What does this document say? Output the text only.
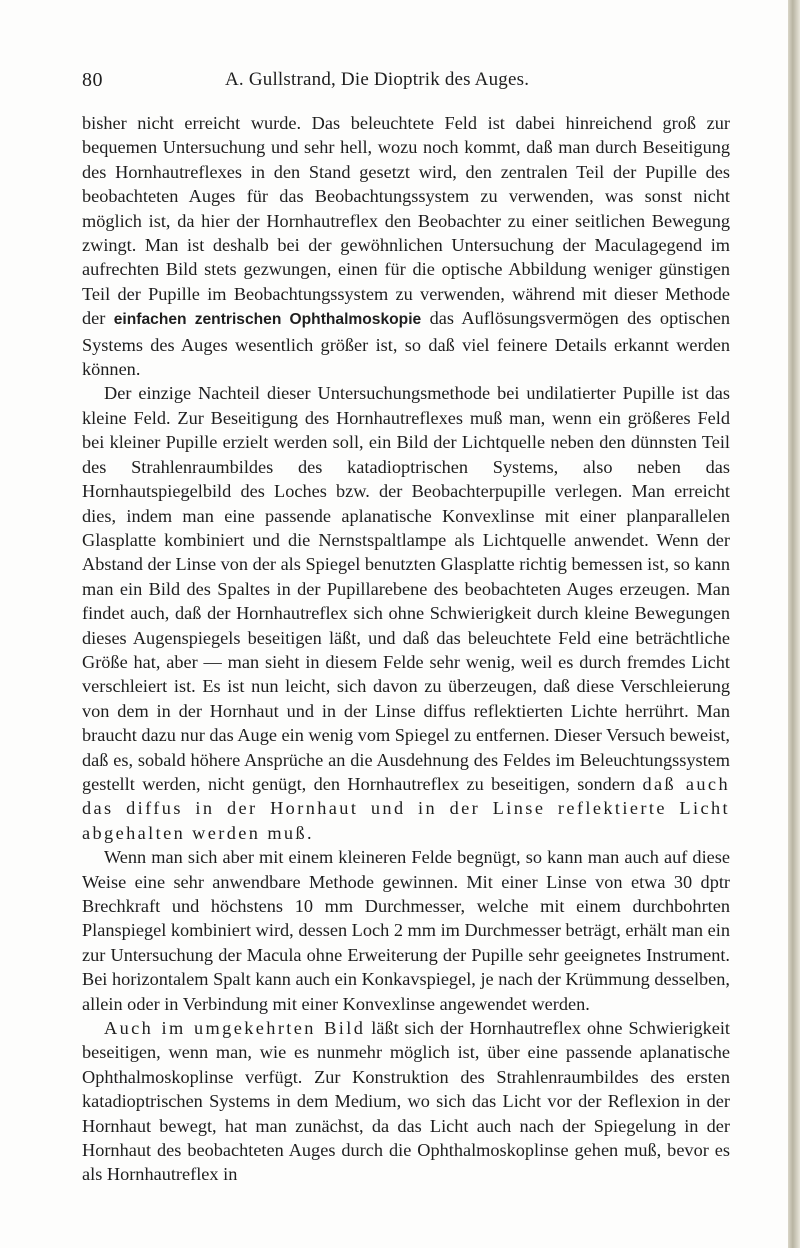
80	A. Gullstrand, Die Dioptrik des Auges.

bisher nicht erreicht wurde. Das beleuchtete Feld ist dabei hinreichend groß zur bequemen Untersuchung und sehr hell, wozu noch kommt, daß man durch Beseitigung des Hornhautreflexes in den Stand gesetzt wird, den zentralen Teil der Pupille des beobachteten Auges für das Beobachtungssystem zu verwenden, was sonst nicht möglich ist, da hier der Hornhautreflex den Beobachter zu einer seitlichen Bewegung zwingt. Man ist deshalb bei der gewöhnlichen Untersuchung der Maculagegend im aufrechten Bild stets gezwungen, einen für die optische Abbildung weniger günstigen Teil der Pupille im Beobachtungssystem zu verwenden, während mit dieser Methode der einfachen zentrischen Ophthalmoskopie das Auflösungsvermögen des optischen Systems des Auges wesentlich größer ist, so daß viel feinere Details erkannt werden können.

Der einzige Nachteil dieser Untersuchungsmethode bei undilatierter Pupille ist das kleine Feld. Zur Beseitigung des Hornhautreflexes muß man, wenn ein größeres Feld bei kleiner Pupille erzielt werden soll, ein Bild der Lichtquelle neben den dünnsten Teil des Strahlenraumbildes des katadioptrischen Systems, also neben das Hornhautspiegelbild des Loches bzw. der Beobachterpupille verlegen. Man erreicht dies, indem man eine passende aplanatische Konvexlinse mit einer planparallelen Glasplatte kombiniert und die Nernstspaltlampe als Lichtquelle anwendet. Wenn der Abstand der Linse von der als Spiegel benutzten Glasplatte richtig bemessen ist, so kann man ein Bild des Spaltes in der Pupillarebene des beobachteten Auges erzeugen. Man findet auch, daß der Hornhautreflex sich ohne Schwierigkeit durch kleine Bewegungen dieses Augenspiegels beseitigen läßt, und daß das beleuchtete Feld eine beträchtliche Größe hat, aber — man sieht in diesem Felde sehr wenig, weil es durch fremdes Licht verschleiert ist. Es ist nun leicht, sich davon zu überzeugen, daß diese Verschleierung von dem in der Hornhaut und in der Linse diffus reflektierten Lichte herrührt. Man braucht dazu nur das Auge ein wenig vom Spiegel zu entfernen. Dieser Versuch beweist, daß es, sobald höhere Ansprüche an die Ausdehnung des Feldes im Beleuchtungssystem gestellt werden, nicht genügt, den Hornhautreflex zu beseitigen, sondern daß auch das diffus in der Hornhaut und in der Linse reflektierte Licht abgehalten werden muß.

Wenn man sich aber mit einem kleineren Felde begnügt, so kann man auch auf diese Weise eine sehr anwendbare Methode gewinnen. Mit einer Linse von etwa 30 dptr Brechkraft und höchstens 10 mm Durchmesser, welche mit einem durchbohrten Planspiegel kombiniert wird, dessen Loch 2 mm im Durchmesser beträgt, erhält man ein zur Untersuchung der Macula ohne Erweiterung der Pupille sehr geeignetes Instrument. Bei horizontalem Spalt kann auch ein Konkavspiegel, je nach der Krümmung desselben, allein oder in Verbindung mit einer Konvexlinse angewendet werden.

Auch im umgekehrten Bild läßt sich der Hornhautreflex ohne Schwierigkeit beseitigen, wenn man, wie es nunmehr möglich ist, über eine passende aplanatische Ophthalmoskoplinse verfügt. Zur Konstruktion des Strahlenraumbildes des ersten katadioptrischen Systems in dem Medium, wo sich das Licht vor der Reflexion in der Hornhaut bewegt, hat man zunächst, da das Licht auch nach der Spiegelung in der Hornhaut des beobachteten Auges durch die Ophthalmoskoplinse gehen muß, bevor es als Hornhautreflex in
